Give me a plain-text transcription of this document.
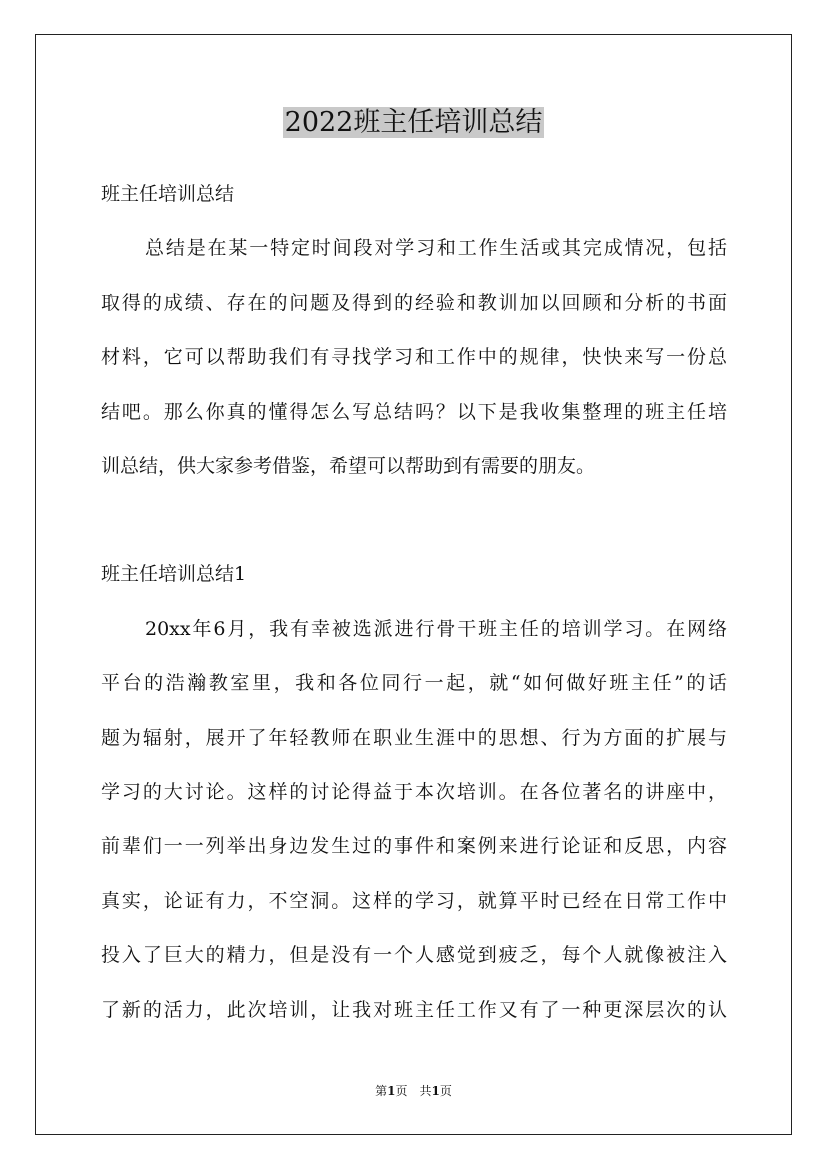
2022班主任培训总结
班主任培训总结
总结是在某一特定时间段对学习和工作生活或其完成情况，包括
取得的成绩、存在的问题及得到的经验和教训加以回顾和分析的书面
材料，它可以帮助我们有寻找学习和工作中的规律，快快来写一份总
结吧。那么你真的懂得怎么写总结吗？以下是我收集整理的班主任培
训总结，供大家参考借鉴，希望可以帮助到有需要的朋友。
班主任培训总结1
20xx年6月，我有幸被选派进行骨干班主任的培训学习。在网络
平台的浩瀚教室里，我和各位同行一起，就“如何做好班主任”的话
题为辐射，展开了年轻教师在职业生涯中的思想、行为方面的扩展与
学习的大讨论。这样的讨论得益于本次培训。在各位著名的讲座中，
前辈们一一列举出身边发生过的事件和案例来进行论证和反思，内容
真实，论证有力，不空洞。这样的学习，就算平时已经在日常工作中
投入了巨大的精力，但是没有一个人感觉到疲乏，每个人就像被注入
了新的活力，此次培训，让我对班主任工作又有了一种更深层次的认
第1页 共1页
